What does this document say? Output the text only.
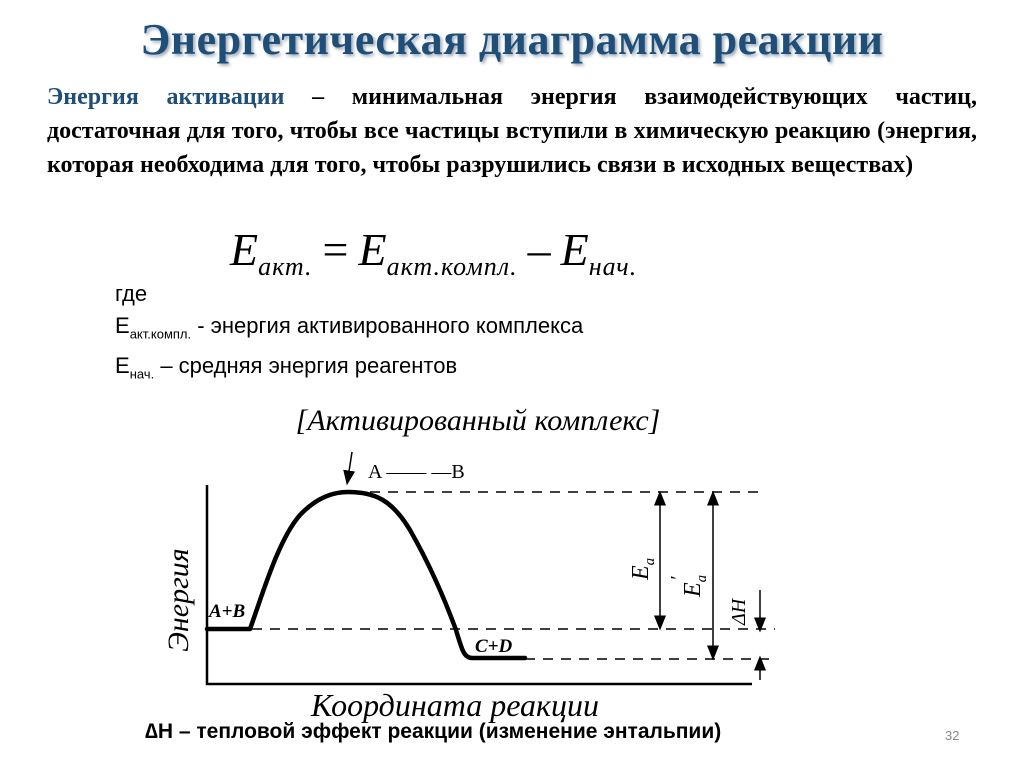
Энергетическая диаграмма реакции
Энергия активации – минимальная энергия взаимодействующих частиц, достаточная для того, чтобы все частицы вступили в химическую реакцию (энергия, которая необходима для того, чтобы разрушились связи в исходных веществах)
$E_{акт.} = E_{акт.компл.} - E_{нач.}$
где
$E_{акт.компл.}$ - энергия активированного комплекса
$E_{нач.}$ – средняя энергия реагентов
[Активированный комплекс]
A —— —B
Энергия
Координата реакции
A+B
C+D
$E_a$
$E_a'$
ΔH
∆H – тепловой эффект реакции (изменение энтальпии)	32
